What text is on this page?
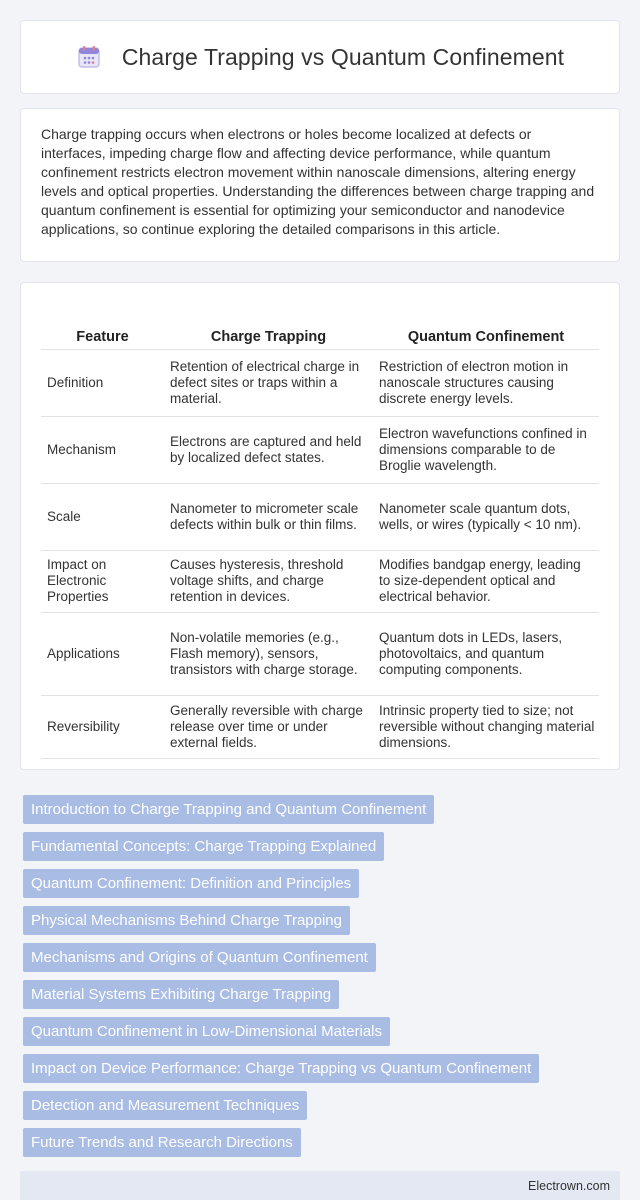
Charge Trapping vs Quantum Confinement

Charge trapping occurs when electrons or holes become localized at defects or interfaces, impeding charge flow and affecting device performance, while quantum confinement restricts electron movement within nanoscale dimensions, altering energy levels and optical properties. Understanding the differences between charge trapping and quantum confinement is essential for optimizing your semiconductor and nanodevice applications, so continue exploring the detailed comparisons in this article.

Feature	Charge Trapping	Quantum Confinement
Definition	Retention of electrical charge in defect sites or traps within a material.	Restriction of electron motion in nanoscale structures causing discrete energy levels.
Mechanism	Electrons are captured and held by localized defect states.	Electron wavefunctions confined in dimensions comparable to de Broglie wavelength.
Scale	Nanometer to micrometer scale defects within bulk or thin films.	Nanometer scale quantum dots, wells, or wires (typically < 10 nm).
Impact on Electronic Properties	Causes hysteresis, threshold voltage shifts, and charge retention in devices.	Modifies bandgap energy, leading to size-dependent optical and electrical behavior.
Applications	Non-volatile memories (e.g., Flash memory), sensors, transistors with charge storage.	Quantum dots in LEDs, lasers, photovoltaics, and quantum computing components.
Reversibility	Generally reversible with charge release over time or under external fields.	Intrinsic property tied to size; not reversible without changing material dimensions.
Introduction to Charge Trapping and Quantum Confinement
Fundamental Concepts: Charge Trapping Explained
Quantum Confinement: Definition and Principles
Physical Mechanisms Behind Charge Trapping
Mechanisms and Origins of Quantum Confinement
Material Systems Exhibiting Charge Trapping
Quantum Confinement in Low-Dimensional Materials
Impact on Device Performance: Charge Trapping vs Quantum Confinement
Detection and Measurement Techniques
Future Trends and Research Directions
Electrown.com
